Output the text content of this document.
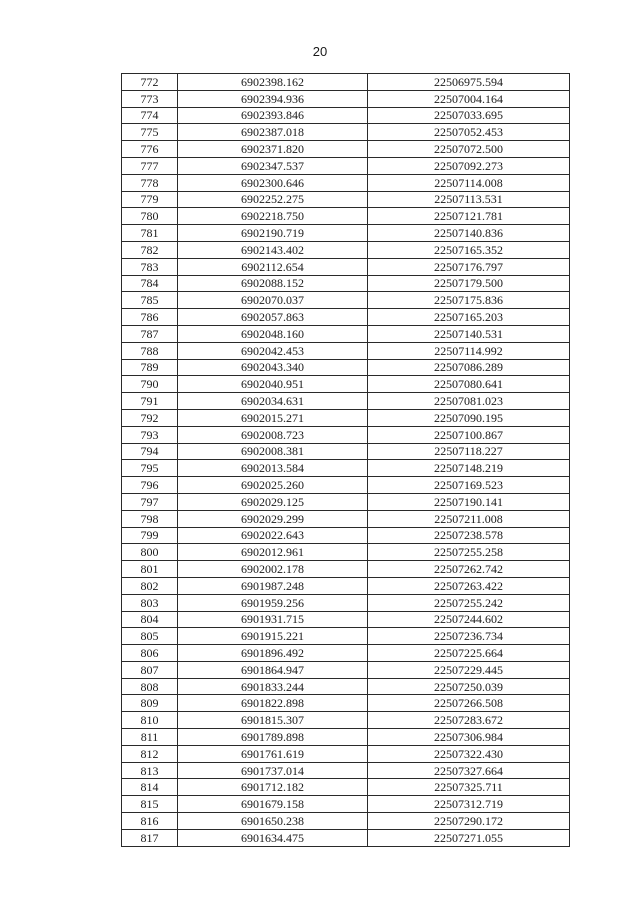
20
772	6902398.162	22506975.594
773	6902394.936	22507004.164
774	6902393.846	22507033.695
775	6902387.018	22507052.453
776	6902371.820	22507072.500
777	6902347.537	22507092.273
778	6902300.646	22507114.008
779	6902252.275	22507113.531
780	6902218.750	22507121.781
781	6902190.719	22507140.836
782	6902143.402	22507165.352
783	6902112.654	22507176.797
784	6902088.152	22507179.500
785	6902070.037	22507175.836
786	6902057.863	22507165.203
787	6902048.160	22507140.531
788	6902042.453	22507114.992
789	6902043.340	22507086.289
790	6902040.951	22507080.641
791	6902034.631	22507081.023
792	6902015.271	22507090.195
793	6902008.723	22507100.867
794	6902008.381	22507118.227
795	6902013.584	22507148.219
796	6902025.260	22507169.523
797	6902029.125	22507190.141
798	6902029.299	22507211.008
799	6902022.643	22507238.578
800	6902012.961	22507255.258
801	6902002.178	22507262.742
802	6901987.248	22507263.422
803	6901959.256	22507255.242
804	6901931.715	22507244.602
805	6901915.221	22507236.734
806	6901896.492	22507225.664
807	6901864.947	22507229.445
808	6901833.244	22507250.039
809	6901822.898	22507266.508
810	6901815.307	22507283.672
811	6901789.898	22507306.984
812	6901761.619	22507322.430
813	6901737.014	22507327.664
814	6901712.182	22507325.711
815	6901679.158	22507312.719
816	6901650.238	22507290.172
817	6901634.475	22507271.055
